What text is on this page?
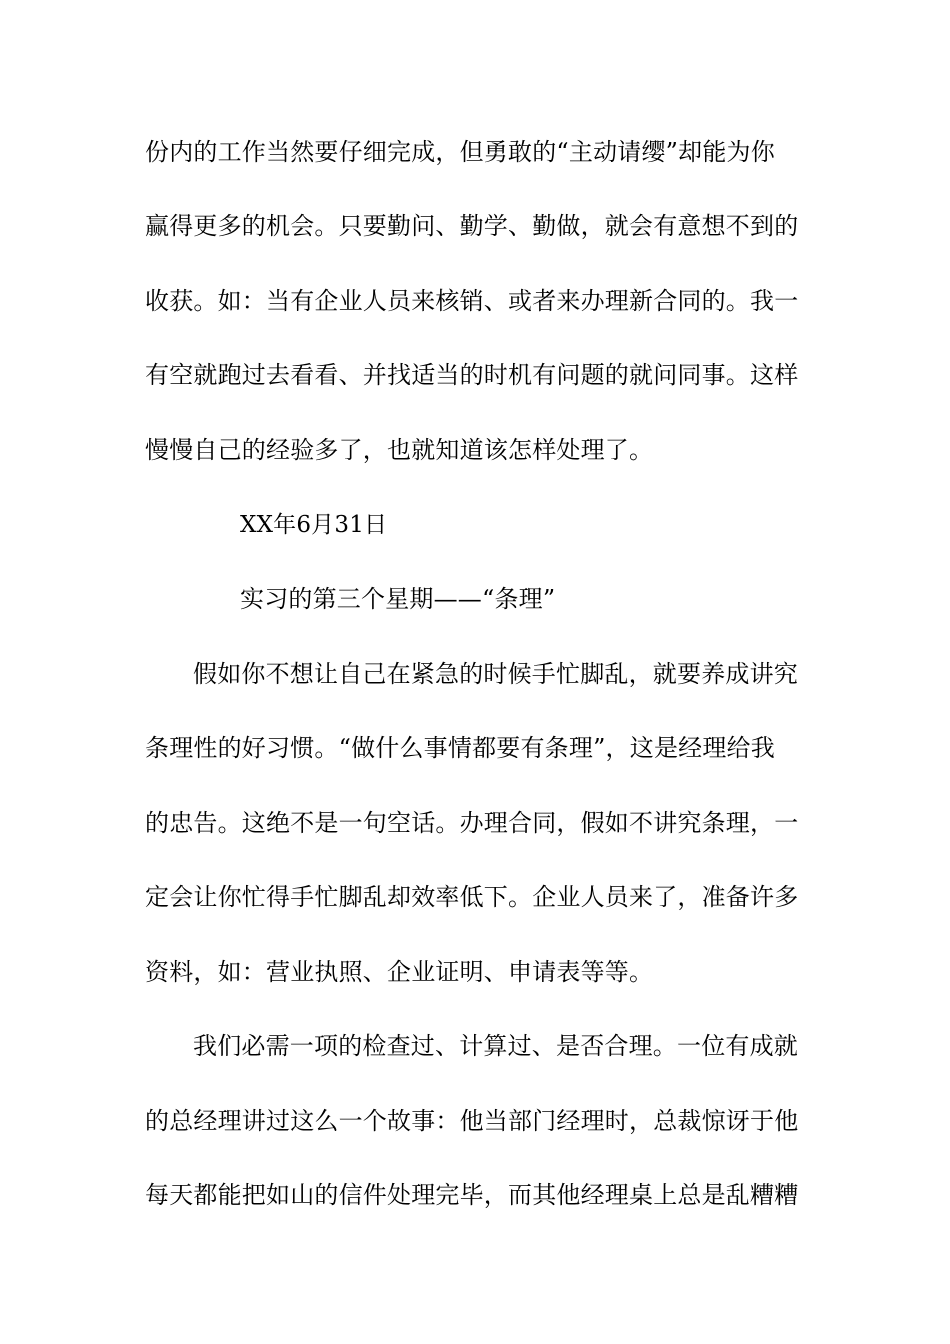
份内的工作当然要仔细完成，但勇敢的“主动请缨”却能为你
赢得更多的机会。只要勤问、勤学、勤做，就会有意想不到的
收获。如：当有企业人员来核销、或者来办理新合同的。我一
有空就跑过去看看、并找适当的时机有问题的就问同事。这样
慢慢自己的经验多了，也就知道该怎样处理了。
XX年6月31日
实习的第三个星期——“条理”
假如你不想让自己在紧急的时候手忙脚乱，就要养成讲究
条理性的好习惯。“做什么事情都要有条理”，这是经理给我
的忠告。这绝不是一句空话。办理合同，假如不讲究条理，一
定会让你忙得手忙脚乱却效率低下。企业人员来了，准备许多
资料，如：营业执照、企业证明、申请表等等。
我们必需一项的检查过、计算过、是否合理。一位有成就
的总经理讲过这么一个故事：他当部门经理时，总裁惊讶于他
每天都能把如山的信件处理完毕，而其他经理桌上总是乱糟糟
